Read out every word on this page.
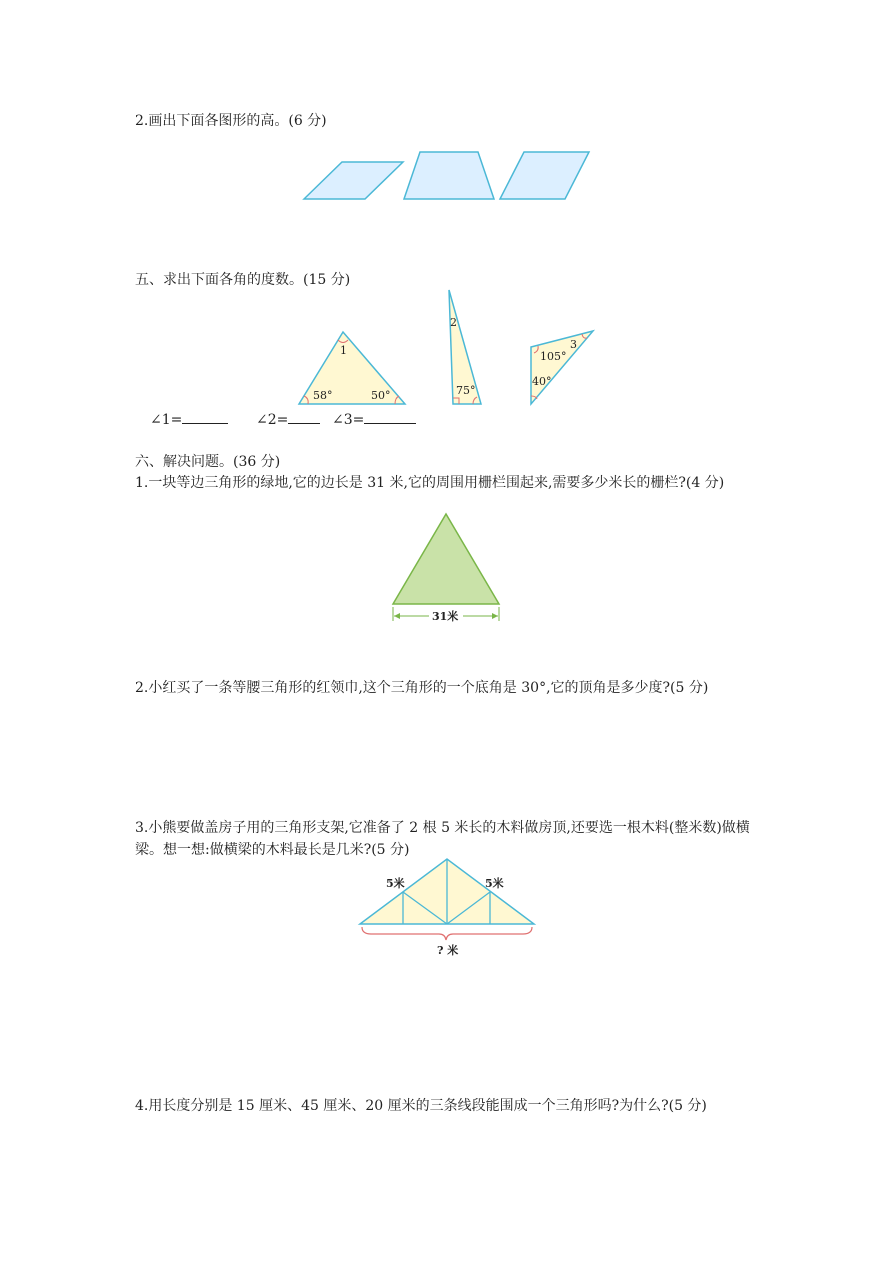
2.画出下面各图形的高。(6 分)
五、求出下面各角的度数。(15 分)
1
58°	50°
2
75°
105°
3
40°
∠1=	∠2=	∠3=
六、解决问题。(36 分)
1.一块等边三角形的绿地,它的边长是 31 米,它的周围用栅栏围起来,需要多少米长的栅栏?(4 分)
31米
2.小红买了一条等腰三角形的红领巾,这个三角形的一个底角是 30°,它的顶角是多少度?(5 分)
3.小熊要做盖房子用的三角形支架,它准备了 2 根 5 米长的木料做房顶,还要选一根木料(整米数)做横梁。想一想:做横梁的木料最长是几米?(5 分)
5米	5米
? 米
4.用长度分别是 15 厘米、45 厘米、20 厘米的三条线段能围成一个三角形吗?为什么?(5 分)
